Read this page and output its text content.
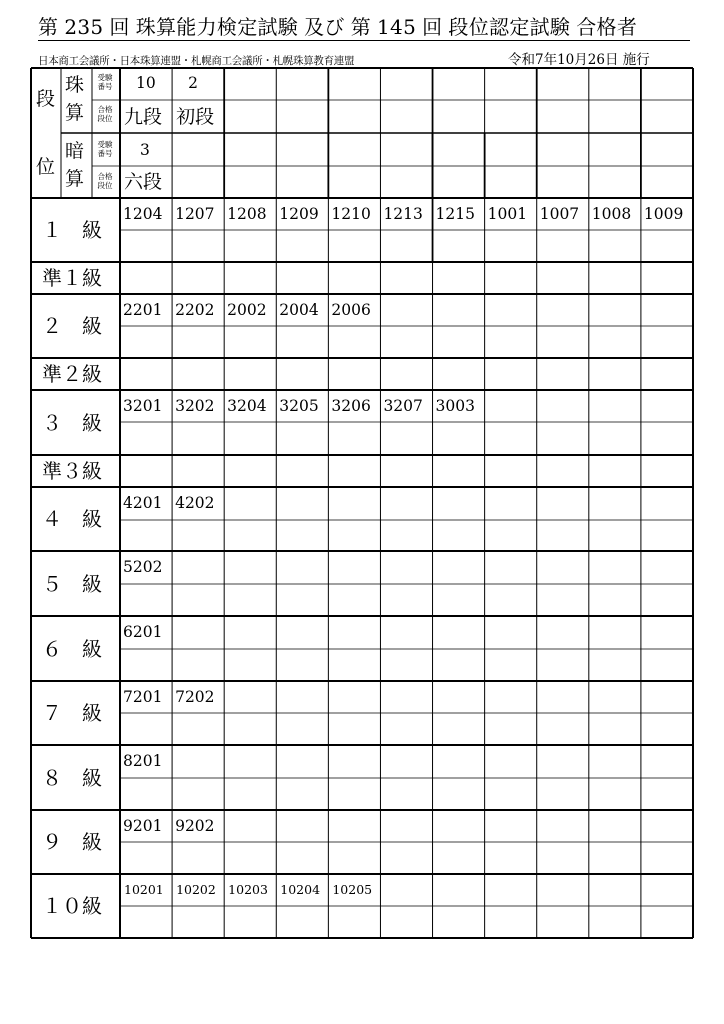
第 235 回 珠算能力検定試験 及び 第 145 回 段位認定試験 合格者
日本商工会議所・日本珠算連盟・札幌商工会議所・札幌珠算教育連盟	令和7年10月26日 施行
段
位
珠
算
暗
算
受験
番号
合格
段位
受験
番号
合格
段位
10 2
九段 初段
3
六段
１　級
1204 1207 1208 1209 1210 1213 1215 1001 1007 1008 1009
準１級
２　級
2201 2202 2002 2004 2006
準２級
３　級
3201 3202 3204 3205 3206 3207 3003
準３級
４　級
4201 4202
５　級
5202
６　級
6201
７　級
7201 7202
８　級
8201
９　級
9201 9202
１０級
10201 10202 10203 10204 10205
